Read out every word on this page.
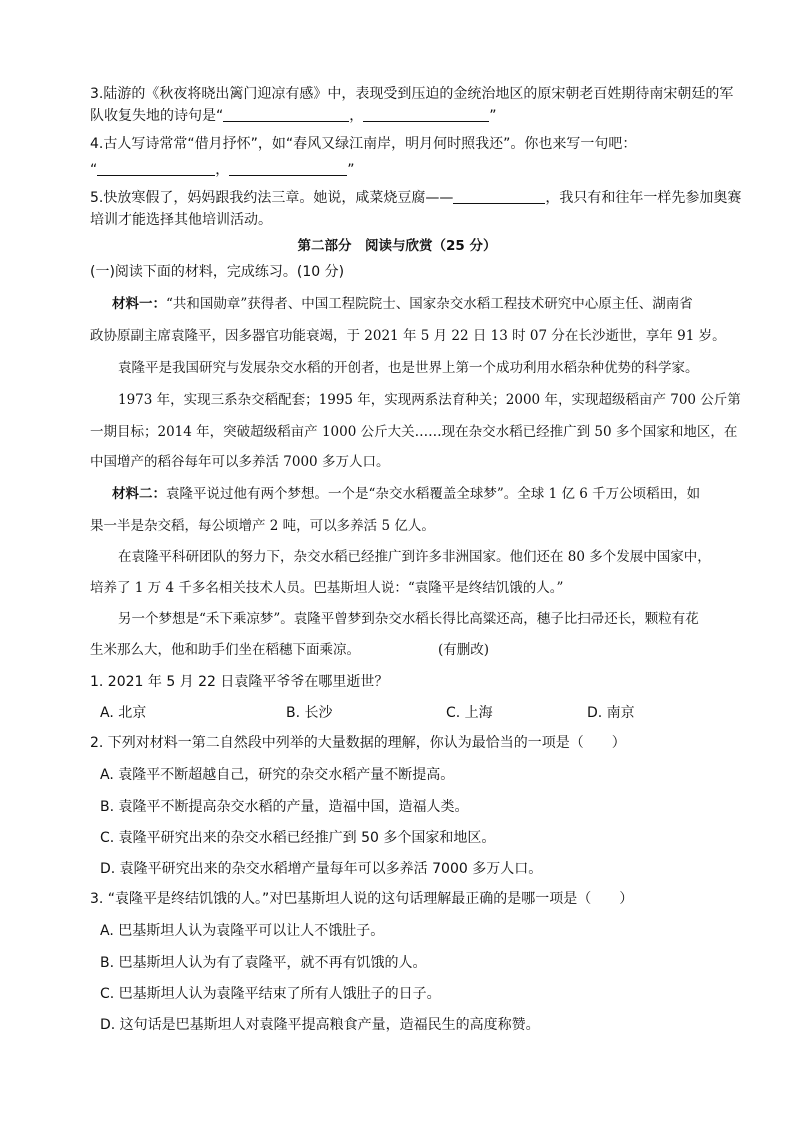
3.陆游的《秋夜将晓出篱门迎凉有感》中，表现受到压迫的金统治地区的原宋朝老百姓期待南宋朝廷的军
队收复失地的诗句是“	，	”
4.古人写诗常常“借月抒怀”，如“春风又绿江南岸，明月何时照我还”。你也来写一句吧：
“	，	”
5.快放寒假了，妈妈跟我约法三章。她说，咸菜烧豆腐——	，我只有和往年一样先参加奥赛
培训才能选择其他培训活动。
第二部分　阅读与欣赏（25 分）
(一)阅读下面的材料，完成练习。(10 分)
材料一：“共和国勋章”获得者、中国工程院院士、国家杂交水稻工程技术研究中心原主任、湖南省
政协原副主席袁隆平，因多器官功能衰竭，于 2021 年 5 月 22 日 13 时 07 分在长沙逝世，享年 91 岁。
袁隆平是我国研究与发展杂交水稻的开创者，也是世界上第一个成功利用水稻杂种优势的科学家。
1973 年，实现三系杂交稻配套；1995 年，实现两系法育种关；2000 年，实现超级稻亩产 700 公斤第
一期目标；2014 年，突破超级稻亩产 1000 公斤大关……现在杂交水稻已经推广到 50 多个国家和地区，在
中国增产的稻谷每年可以多养活 7000 多万人口。
材料二：袁隆平说过他有两个梦想。一个是“杂交水稻覆盖全球梦”。全球 1 亿 6 千万公顷稻田，如
果一半是杂交稻，每公顷增产 2 吨，可以多养活 5 亿人。
在袁隆平科研团队的努力下，杂交水稻已经推广到许多非洲国家。他们还在 80 多个发展中国家中，
培养了 1 万 4 千多名相关技术人员。巴基斯坦人说：“袁隆平是终结饥饿的人。”
另一个梦想是“禾下乘凉梦”。袁隆平曾梦到杂交水稻长得比高粱还高，穗子比扫帚还长，颗粒有花
生米那么大，他和助手们坐在稻穗下面乘凉。	(有删改)
1. 2021 年 5 月 22 日袁隆平爷爷在哪里逝世？
A. 北京	B. 长沙	C. 上海	D. 南京
2. 下列对材料一第二自然段中列举的大量数据的理解，你认为最恰当的一项是（　　）
A. 袁隆平不断超越自己，研究的杂交水稻产量不断提高。
B. 袁隆平不断提高杂交水稻的产量，造福中国，造福人类。
C. 袁隆平研究出来的杂交水稻已经推广到 50 多个国家和地区。
D. 袁隆平研究出来的杂交水稻增产量每年可以多养活 7000 多万人口。
3. “袁隆平是终结饥饿的人。”对巴基斯坦人说的这句话理解最正确的是哪一项是（　　）
A. 巴基斯坦人认为袁隆平可以让人不饿肚子。
B. 巴基斯坦人认为有了袁隆平，就不再有饥饿的人。
C. 巴基斯坦人认为袁隆平结束了所有人饿肚子的日子。
D. 这句话是巴基斯坦人对袁隆平提高粮食产量，造福民生的高度称赞。
